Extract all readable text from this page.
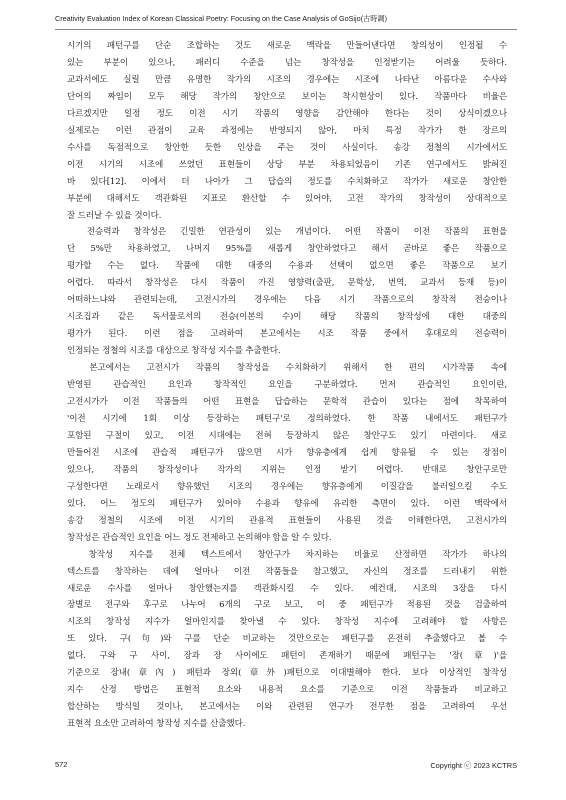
Creativity Evaluation Index of Korean Classical Poetry: Focusing on the Case Analysis of GoSijo(古時調)

시기의 패턴구를 단순 조합하는 것도 새로운 맥락을 만들어낸다면 창의성이 인정될 수
있는 부분이 있으나, 패러디 수준을 넘는 창작성을 인정받기는 어려울 듯하다.
교과서에도 실릴 만큼 유명한 작가의 시조의 경우에는 시조에 나타난 아름다운 수사와
단어의 짜임이 모두 해당 작가의 창안으로 보이는 착시현상이 있다. 작품마다 비율은
다르겠지만 일정 정도 이전 시기 작품의 영향을 감안해야 한다는 것이 상식이겠으나
실제로는 이런 관점이 교육 과정에는 반영되지 않아, 마치 특정 작가가 한 장르의
수사를 독점적으로 창안한 듯한 인상을 주는 것이 사실이다. 송강 정철의 시가에서도
이전 시기의 시조에 쓰였던 표현들이 상당 부분 차용되었음이 기존 연구에서도 밝혀진
바 있다[12]. 이에서 더 나아가 그 답습의 정도를 수치화하고 작가가 새로운 창안한
부분에 대해서도 객관화된 지표로 환산할 수 있어야, 고전 작가의 창작성이 상대적으로
잘 드러날 수 있을 것이다.

　전승력과 창작성은 긴밀한 연관성이 있는 개념이다. 어떤 작품이 이전 작품의 표현을
단 5%만 차용하였고, 나머지 95%를 새롭게 창안하였다고 해서 곧바로 좋은 작품으로
평가할 수는 없다. 작품에 대한 대중의 수용과 선택이 없으면 좋은 작품으로 보기
어렵다. 따라서 창작성은 다시 작품이 가진 영향력(출판, 문학상, 번역, 교과서 등재 등)이
어떠하느냐와 관련되는데, 고전시가의 경우에는 다음 시기 작품으로의 창작적 전승이나
시조집과 같은 독서물로서의 전승(이본의 수)이 해당 작품의 창작성에 대한 대중의
평가가 된다. 이런 점을 고려하여 본고에서는 시조 작품 중에서 후대로의 전승력이
인정되는 정철의 시조를 대상으로 창작성 지수를 추출한다.

　본고에서는 고전시가 작품의 창작성을 수치화하기 위해서 한 편의 시가작품 속에
반영된 관습적인 요인과 창작적인 요인을 구분하였다. 먼저 관습적인 요인이란,
고전시가가 이전 작품들의 어떤 표현을 답습하는 문학적 관습이 있다는 점에 착목하여
'이전 시기에 1회 이상 등장하는 패턴구'로 정의하였다. 한 작품 내에서도 패턴구가
포함된 구절이 있고, 이전 시대에는 전혀 등장하지 않은 창안구도 있기 마련이다. 새로
만들어진 시조에 관습적 패턴구가 많으면 시가 향유층에게 쉽게 향유될 수 있는 장점이
있으나, 작품의 창작성이나 작가의 지위는 인정 받기 어렵다. 반대로 창안구로만
구성한다면 노래로서 향유했던 시조의 경우에는 향유층에게 이질감을 불러일으킬 수도
있다. 어느 정도의 패턴구가 있어야 수용과 향유에 유리한 측면이 있다. 이런 맥락에서
송강 정철의 시조에 이전 시기의 관용적 표현들이 사용된 것을 이해한다면, 고전시가의
창작성은 관습적인 요인을 어느 정도 전제하고 논의해야 함을 알 수 있다.

　창작성 지수를 전체 텍스트에서 창안구가 차지하는 비율로 산정하면 작가가 하나의
텍스트를 창작하는 데에 얼마나 이전 작품들을 참고했고, 자신의 정조를 드러내기 위한
새로운 수사를 얼마나 창안했는지를 객관화시킬 수 있다. 예컨대, 시조의 3장을 다시
장별로 전구와 후구로 나누어 6개의 구로 보고, 이 중 패턴구가 적용된 것을 검출하여
시조의 창작성 지수가 얼마인지를 찾아낼 수 있다. 창작성 지수에 고려해야 할 사항은
또 있다. 구(句)와 구를 단순 비교하는 것만으로는 패턴구를 온전히 추출했다고 볼 수
없다. 구와 구 사이, 장과 장 사이에도 패턴이 존재하기 때문에 패턴구는 '장(章)'을
기준으로 장내(章內) 패턴과 장외(章外)패턴으로 이대별해야 한다. 보다 이상적인 창작성
지수 산정 방법은 표현적 요소와 내용적 요소를 기준으로 이전 작품들과 비교하고
합산하는 방식일 것이나, 본고에서는 이와 관련된 연구가 전무한 점을 고려하여 우선
표현적 요소만 고려하여 창작성 지수를 산출했다.

572	Copyright ⓒ 2023 KCTRS
